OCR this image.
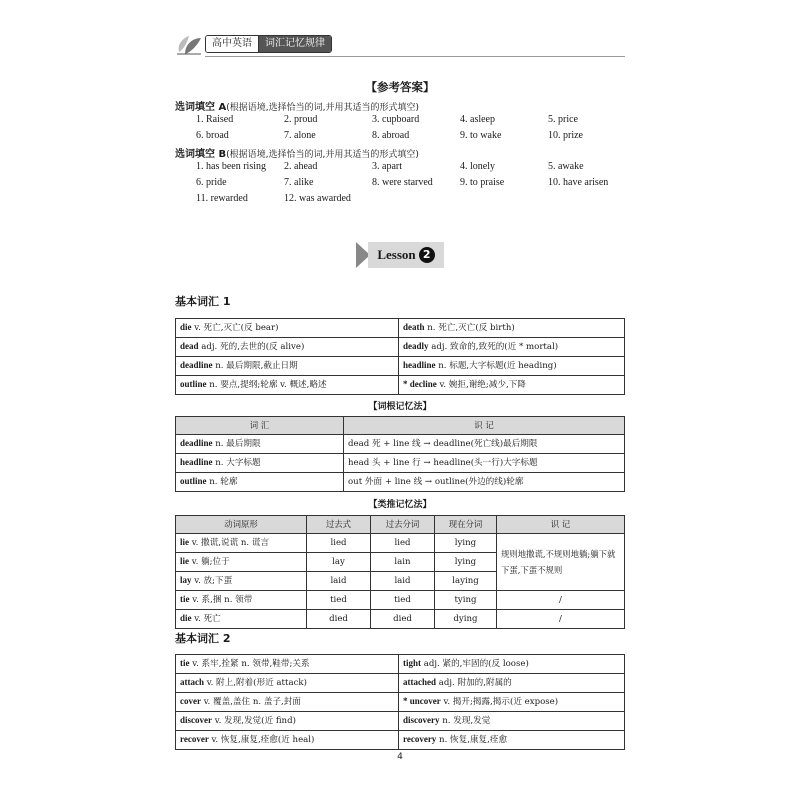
高中英语	词汇记忆规律
【参考答案】
选词填空 A(根据语境,选择恰当的词,并用其适当的形式填空)
1. Raised	2. proud	3. cupboard	4. asleep	5. price
6. broad	7. alone	8. abroad	9. to wake	10. prize
选词填空 B(根据语境,选择恰当的词,并用其适当的形式填空)
1. has been rising 2. ahead	3. apart	4. lonely	5. awake
6. pride	7. alike	8. were starved	9. to praise	10. have arisen
11. rewarded	12. was awarded
Lesson 2
基本词汇 1
die v. 死亡,灭亡(反 bear)	death n. 死亡,灭亡(反 birth)
dead adj. 死的,去世的(反 alive)	deadly adj. 致命的,致死的(近 * mortal)
deadline n. 最后期限,截止日期	headline n. 标题,大字标题(近 heading)
outline n. 要点,提纲;轮廓 v. 概述,略述	* decline v. 婉拒,谢绝;减少,下降
【词根记忆法】
词 汇	识 记
deadline n. 最后期限	dead 死 + line 线 → deadline(死亡线)最后期限
headline n. 大字标题	head 头 + line 行 → headline(头一行)大字标题
outline n. 轮廓	out 外面 + line 线 → outline(外边的线)轮廓
【类推记忆法】
动词原形	过去式	过去分词	现在分词	识 记
lie v. 撒谎,说谎 n. 谎言	lied	lied	lying	规则地撒谎,不规则地躺;躺下就下蛋,下蛋不规则
lie v. 躺;位于	lay	lain	lying	
lay v. 放;下蛋	laid	laid	laying	
tie v. 系,捆 n. 领带	tied	tied	tying	/
die v. 死亡	died	died	dying	/
基本词汇 2
tie v. 系牢,拴紧 n. 领带,鞋带;关系	tight adj. 紧的,牢固的(反 loose)
attach v. 附上,附着(形近 attack)	attached adj. 附加的,附属的
cover v. 覆盖,盖住 n. 盖子,封面	* uncover v. 揭开;揭露,揭示(近 expose)
discover v. 发现,发觉(近 find)	discovery n. 发现,发觉
recover v. 恢复,康复,痊愈(近 heal)	recovery n. 恢复,康复,痊愈
4
